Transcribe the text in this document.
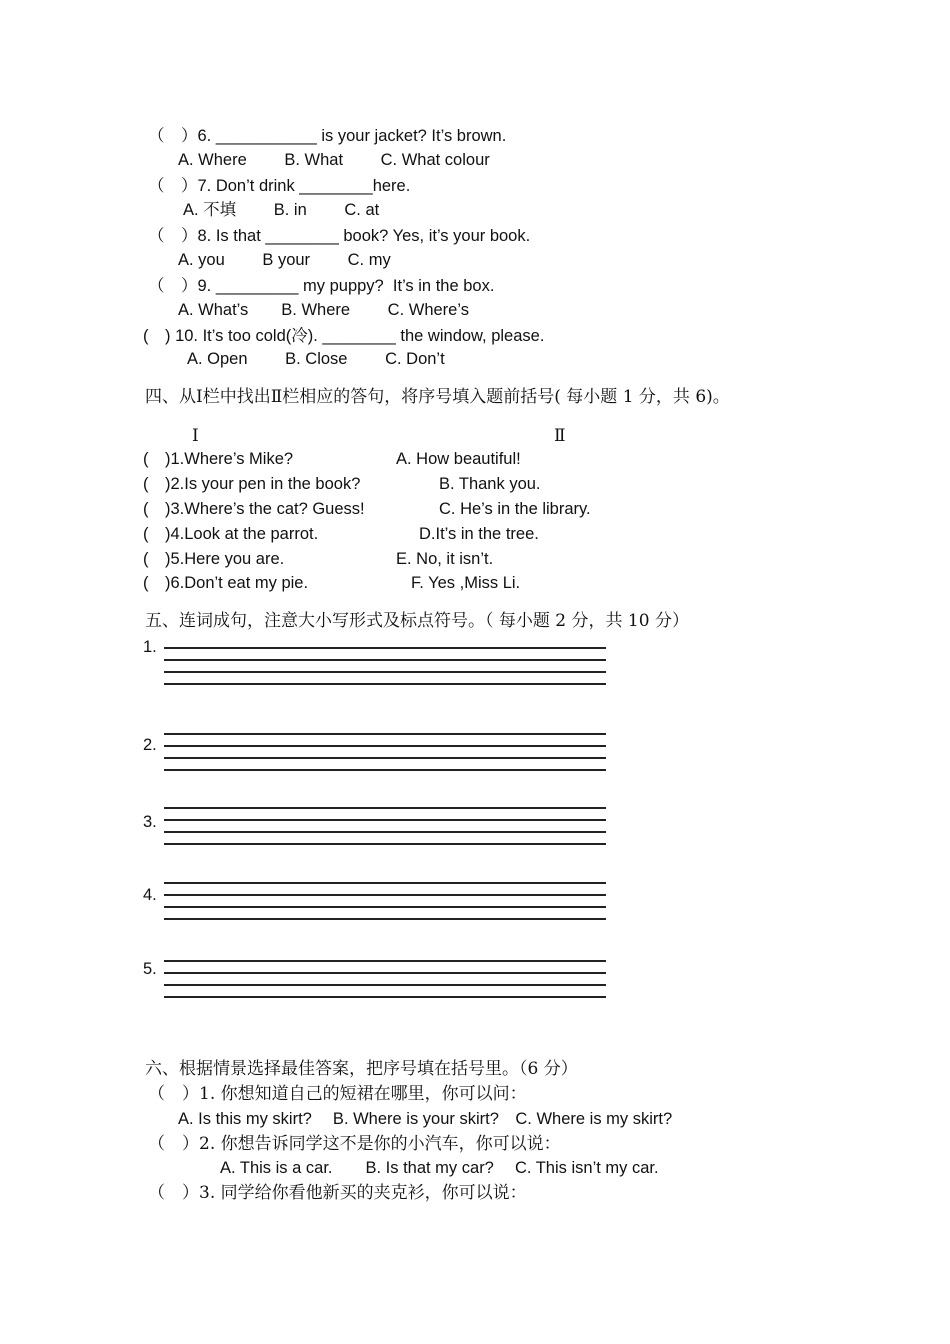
（　）6. ___________ is your jacket? It’s brown.
A. Where　　 B. What　　 C. What colour
（　）7. Don’t drink ________here.
A. 不填　　 B. in　　 C. at
（　）8. Is that ________ book? Yes, it’s your book.
A. you　　 B your　　 C. my
（　）9. _________ my puppy?  It’s in the box.
A. What’s　　B. Where　　 C. Where’s
(　) 10. It’s too cold(冷). ________ the window, please.
A. Open　　 B. Close　　 C. Don’t
四、从Ⅰ栏中找出Ⅱ栏相应的答句，将序号填入题前括号( 每小题 1 分，共 6)。
Ⅰ	Ⅱ
(　)1.Where’s Mike?	A. How beautiful!
(　)2.Is your pen in the book?	B. Thank you.
(　)3.Where’s the cat? Guess!	C. He’s in the library.
(　)4.Look at the parrot.	D.It’s in the tree.
(　)5.Here you are.	E. No, it isn’t.
(　)6.Don’t eat my pie.	F. Yes ,Miss Li.
五、连词成句，注意大小写形式及标点符号。（ 每小题 2 分，共 10 分）
1.
2.
3.
4.
5.
六、根据情景选择最佳答案，把序号填在括号里。（6 分）
（　）1. 你想知道自己的短裙在哪里，你可以问：
A. Is this my skirt?　 B. Where is your skirt?　C. Where is my skirt?
（　）2. 你想告诉同学这不是你的小汽车，你可以说：
A. This is a car.　　B. Is that my car?　 C. This isn’t my car.
（　）3. 同学给你看他新买的夹克衫，你可以说：
